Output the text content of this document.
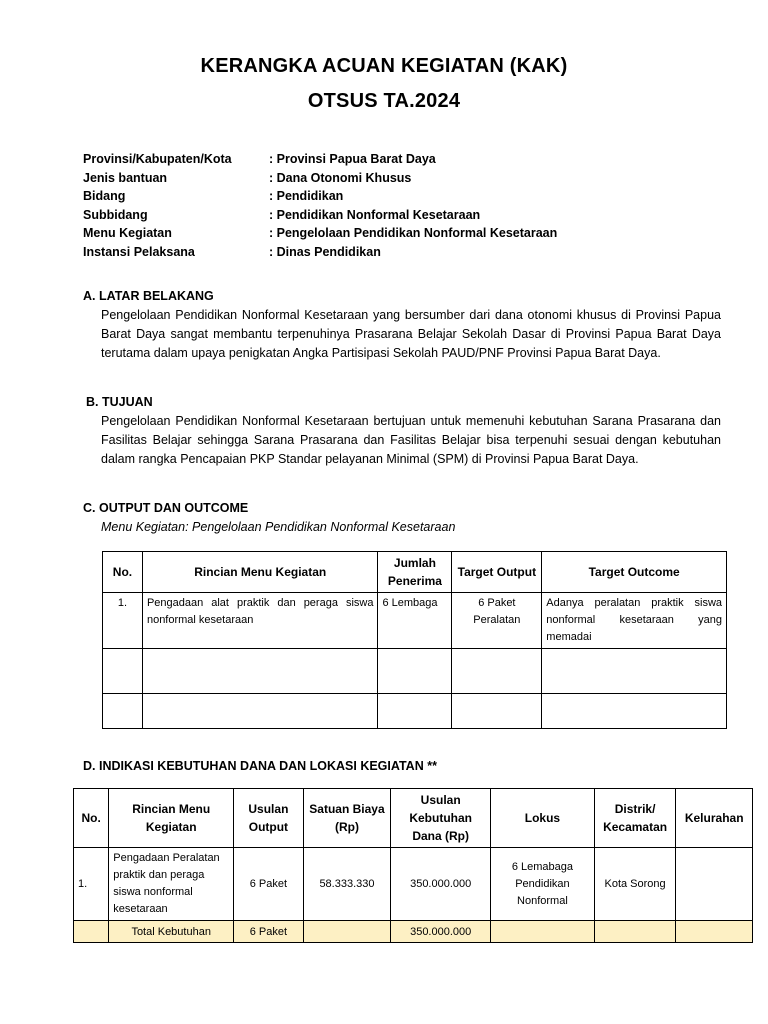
KERANGKA ACUAN KEGIATAN (KAK)
OTSUS TA.2024
Provinsi/Kabupaten/Kota	: Provinsi Papua Barat Daya
Jenis bantuan	: Dana Otonomi Khusus
Bidang	: Pendidikan
Subbidang	: Pendidikan Nonformal Kesetaraan
Menu Kegiatan	: Pengelolaan Pendidikan Nonformal Kesetaraan
Instansi Pelaksana	: Dinas Pendidikan
A. LATAR BELAKANG
Pengelolaan Pendidikan Nonformal Kesetaraan yang bersumber dari dana otonomi khusus di Provinsi Papua Barat Daya sangat membantu terpenuhinya Prasarana Belajar Sekolah Dasar di Provinsi Papua Barat Daya terutama dalam upaya penigkatan Angka Partisipasi Sekolah PAUD/PNF Provinsi Papua Barat Daya.
B. TUJUAN
Pengelolaan Pendidikan Nonformal Kesetaraan bertujuan untuk memenuhi kebutuhan Sarana Prasarana dan Fasilitas Belajar sehingga Sarana Prasarana dan Fasilitas Belajar bisa terpenuhi sesuai dengan kebutuhan dalam rangka Pencapaian PKP Standar pelayanan Minimal (SPM) di Provinsi Papua Barat Daya.
C. OUTPUT DAN OUTCOME
Menu Kegiatan: Pengelolaan Pendidikan Nonformal Kesetaraan
No.	Rincian Menu Kegiatan	Jumlah Penerima	Target Output	Target Outcome
1.	Pengadaan alat praktik dan peraga siswa nonformal kesetaraan	6 Lembaga	6 Paket Peralatan	Adanya peralatan praktik siswa nonformal kesetaraan yang memadai

D. INDIKASI KEBUTUHAN DANA DAN LOKASI KEGIATAN **
No.	Rincian Menu Kegiatan	Usulan Output	Satuan Biaya (Rp)	Usulan Kebutuhan Dana (Rp)	Lokus	Distrik/ Kecamatan	Kelurahan
1.	Pengadaan Peralatan praktik dan peraga siswa nonformal kesetaraan	6 Paket	58.333.330	350.000.000	6 Lemabaga Pendidikan Nonformal	Kota Sorong	
	Total Kebutuhan	6 Paket		350.000.000			
